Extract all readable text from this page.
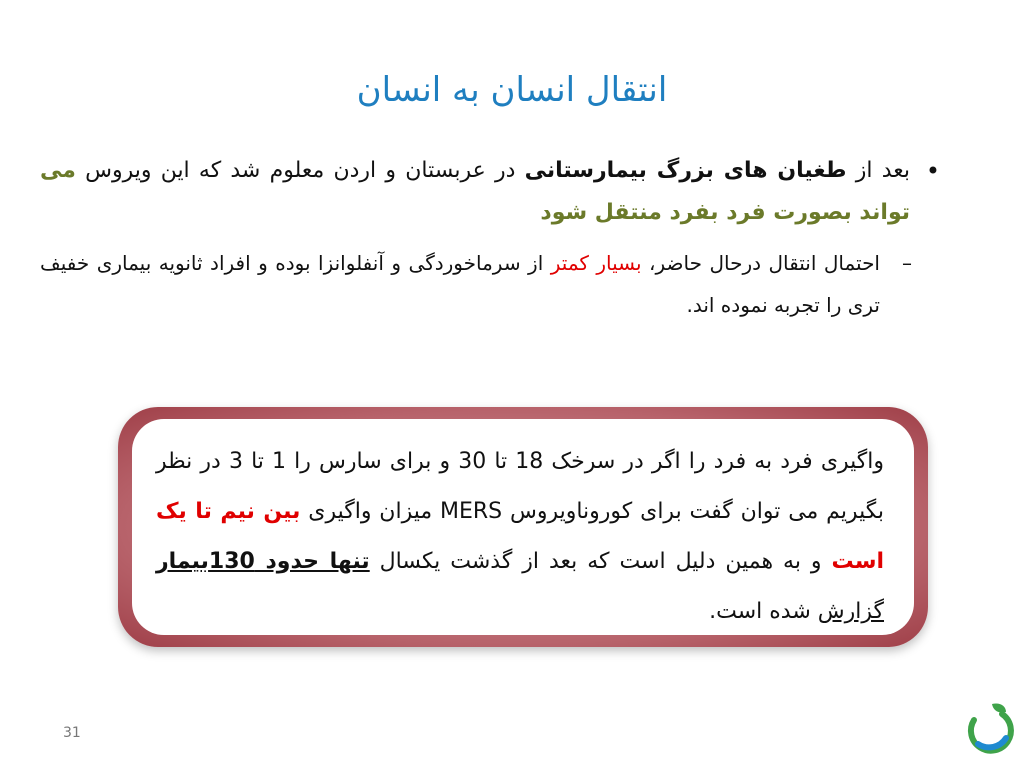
انتقال انسان به انسان
• بعد از طغیان های بزرگ بیمارستانی در عربستان و اردن معلوم شد که این ویروس می تواند بصورت فرد بفرد منتقل شود
–
احتمال انتقال درحال حاضر، بسیار کمتر از سرماخوردگی و آنفلوانزا بوده و افراد ثانویه بیماری خفیف تری را تجربه نموده اند.
واگیری فرد به فرد را اگر در سرخک 18 تا 30 و برای سارس را 1 تا 3 در نظر بگیریم می توان گفت برای کوروناویروس MERS میزان واگیری بین نیم تا یک است و به همین دلیل است که بعد از گذشت یکسال تنها حدود 130بیمار گزارش شده است.
31
